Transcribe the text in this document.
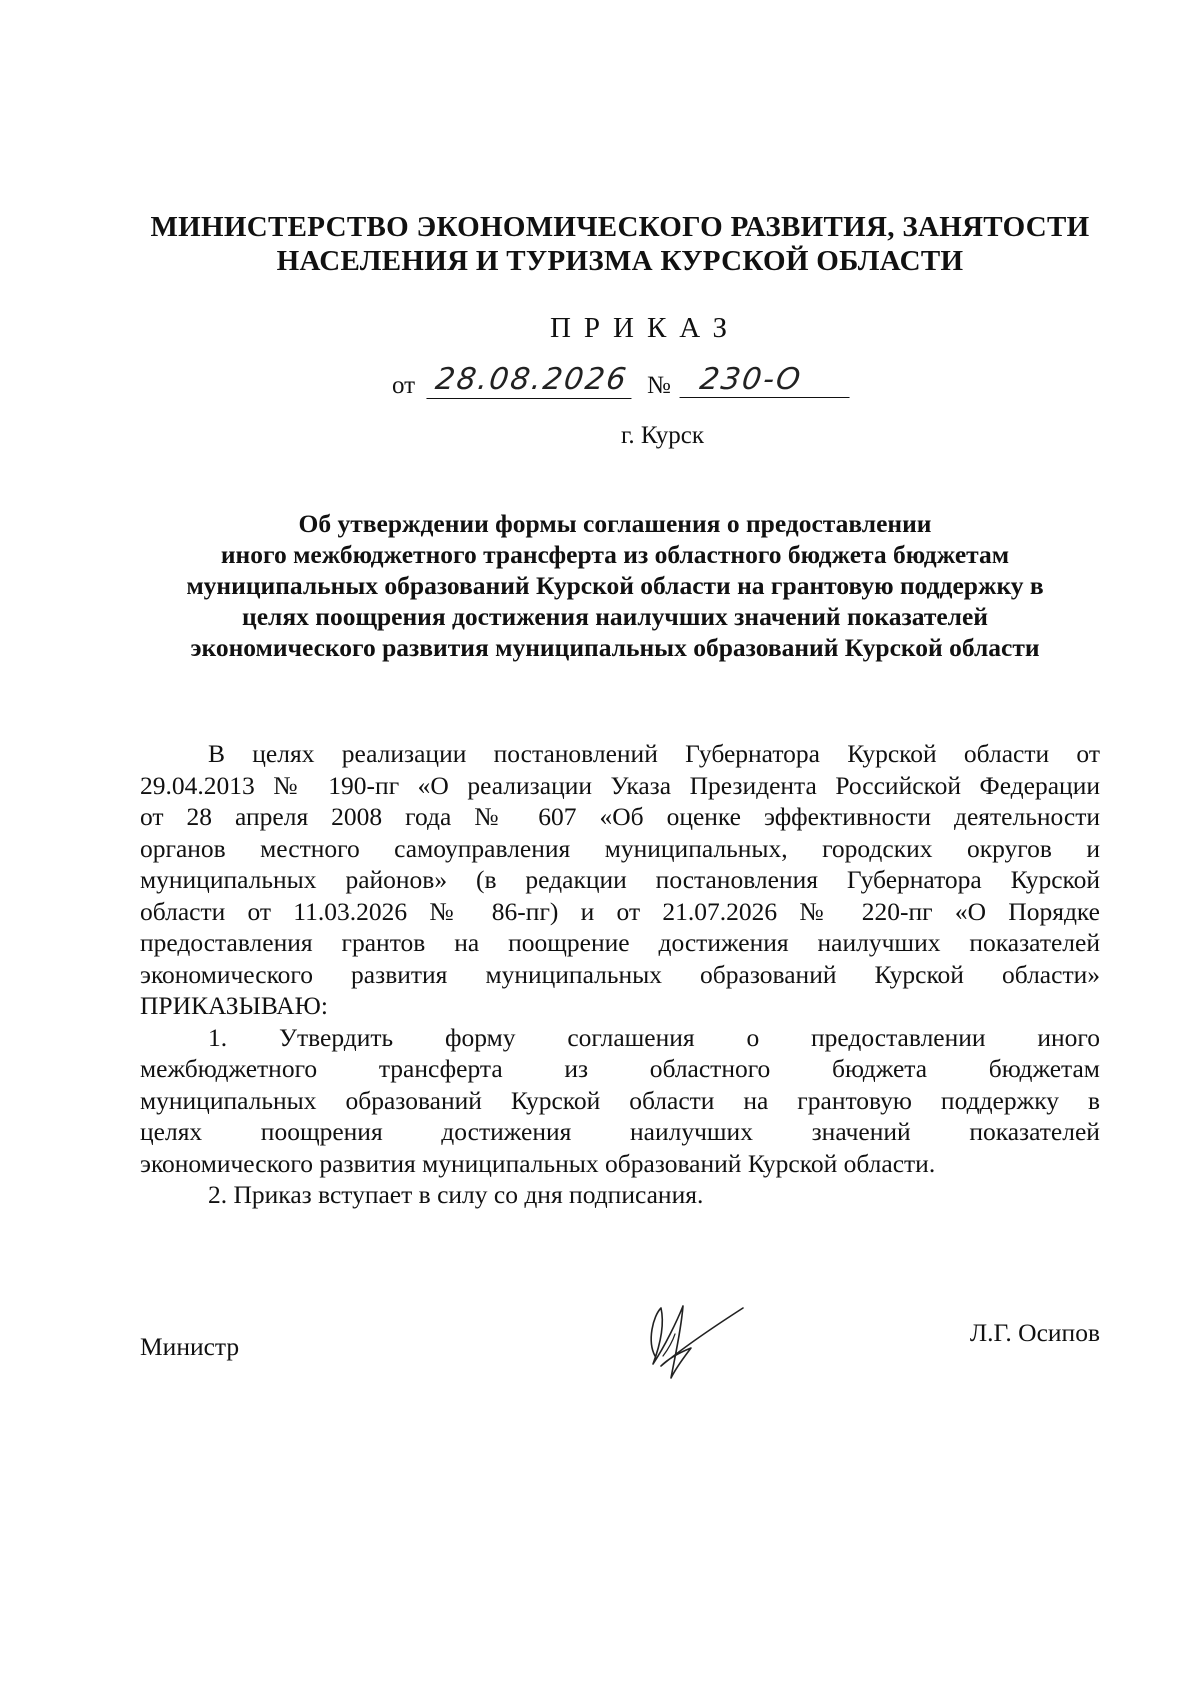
МИНИСТЕРСТВО ЭКОНОМИЧЕСКОГО РАЗВИТИЯ, ЗАНЯТОСТИ
НАСЕЛЕНИЯ И ТУРИЗМА КУРСКОЙ ОБЛАСТИ
ПРИКАЗ
от 28.08.2026 № 230-О
г. Курск
Об утверждении формы соглашения о предоставлении
иного межбюджетного трансферта из областного бюджета бюджетам
муниципальных образований Курской области на грантовую поддержку в
целях поощрения достижения наилучших значений показателей
экономического развития муниципальных образований Курской области
В целях реализации постановлений Губернатора Курской области от
29.04.2013 № 190-пг «О реализации Указа Президента Российской Федерации
от 28 апреля 2008 года № 607 «Об оценке эффективности деятельности
органов местного самоуправления муниципальных, городских округов и
муниципальных районов» (в редакции постановления Губернатора Курской
области от 11.03.2026 № 86-пг) и от 21.07.2026 № 220-пг «О Порядке
предоставления грантов на поощрение достижения наилучших показателей
экономического развития муниципальных образований Курской области»
ПРИКАЗЫВАЮ:
1. Утвердить форму соглашения о предоставлении иного
межбюджетного трансферта из областного бюджета бюджетам
муниципальных образований Курской области на грантовую поддержку в
целях поощрения достижения наилучших значений показателей
экономического развития муниципальных образований Курской области.
2. Приказ вступает в силу со дня подписания.
Министр	Л.Г. Осипов
